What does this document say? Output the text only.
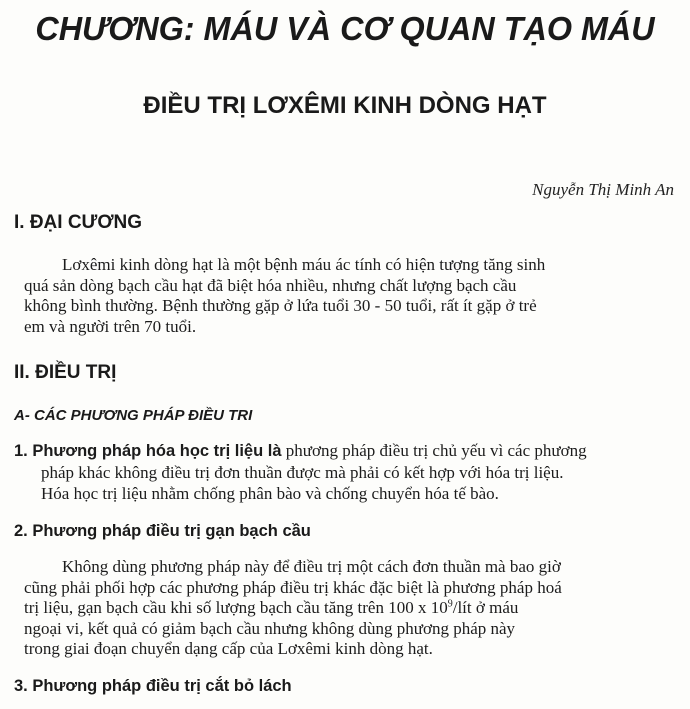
CHƯƠNG: MÁU VÀ CƠ QUAN TẠO MÁU
ĐIỀU TRỊ LƠXÊMI KINH DÒNG HẠT
Nguyễn Thị Minh An
I. ĐẠI CƯƠNG
Lơxêmi kinh dòng hạt là một bệnh máu ác tính có hiện tượng tăng sinh
quá sản dòng bạch cầu hạt đã biệt hóa nhiều, nhưng chất lượng bạch cầu
không bình thường. Bệnh thường gặp ở lứa tuổi 30 - 50 tuổi, rất ít gặp ở trẻ
em và người trên 70 tuổi.
II. ĐIỀU TRỊ
A- CÁC PHƯƠNG PHÁP ĐIỀU TRI
1. Phương pháp hóa học trị liệu là phương pháp điều trị chủ yếu vì các phương
pháp khác không điều trị đơn thuần được mà phải có kết hợp với hóa trị liệu.
Hóa học trị liệu nhằm chống phân bào và chống chuyển hóa tế bào.
2. Phương pháp điều trị gạn bạch cầu
Không dùng phương pháp này để điều trị một cách đơn thuần mà bao giờ
cũng phải phối hợp các phương pháp điều trị khác đặc biệt là phương pháp hoá
trị liệu, gạn bạch cầu khi số lượng bạch cầu tăng trên 100 x $10^9$/lít ở máu
ngoại vi, kết quả có giảm bạch cầu nhưng không dùng phương pháp này
trong giai đoạn chuyển dạng cấp của Lơxêmi kinh dòng hạt.
3. Phương pháp điều trị cắt bỏ lách
